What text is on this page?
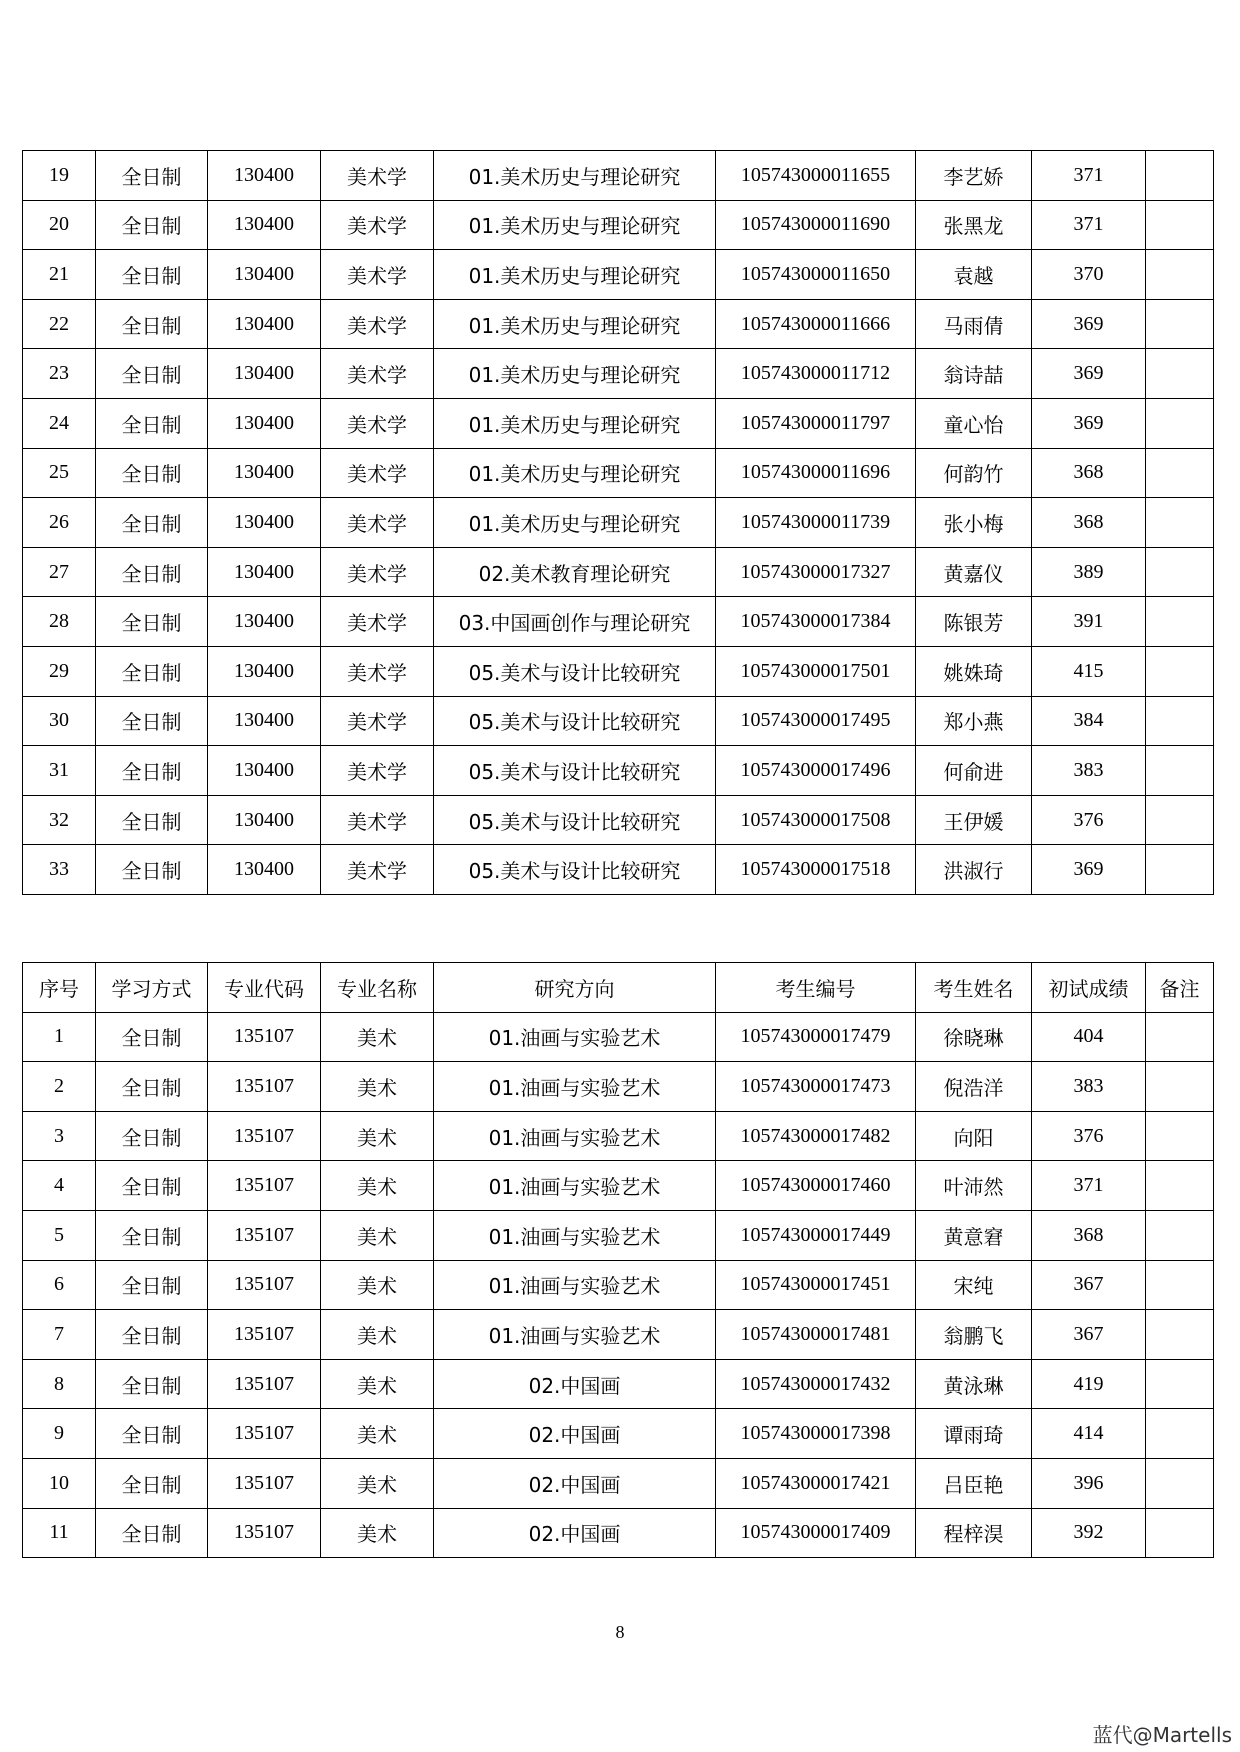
19	全日制	130400	美术学	01.美术历史与理论研究	105743000011655	李艺娇	371	
20	全日制	130400	美术学	01.美术历史与理论研究	105743000011690	张黑龙	371	
21	全日制	130400	美术学	01.美术历史与理论研究	105743000011650	袁越	370	
22	全日制	130400	美术学	01.美术历史与理论研究	105743000011666	马雨倩	369	
23	全日制	130400	美术学	01.美术历史与理论研究	105743000011712	翁诗喆	369	
24	全日制	130400	美术学	01.美术历史与理论研究	105743000011797	童心怡	369	
25	全日制	130400	美术学	01.美术历史与理论研究	105743000011696	何韵竹	368	
26	全日制	130400	美术学	01.美术历史与理论研究	105743000011739	张小梅	368	
27	全日制	130400	美术学	02.美术教育理论研究	105743000017327	黄嘉仪	389	
28	全日制	130400	美术学	03.中国画创作与理论研究	105743000017384	陈银芳	391	
29	全日制	130400	美术学	05.美术与设计比较研究	105743000017501	姚姝琦	415	
30	全日制	130400	美术学	05.美术与设计比较研究	105743000017495	郑小燕	384	
31	全日制	130400	美术学	05.美术与设计比较研究	105743000017496	何俞进	383	
32	全日制	130400	美术学	05.美术与设计比较研究	105743000017508	王伊媛	376	
33	全日制	130400	美术学	05.美术与设计比较研究	105743000017518	洪淑行	369	
序号	学习方式	专业代码	专业名称	研究方向	考生编号	考生姓名	初试成绩	备注
1	全日制	135107	美术	01.油画与实验艺术	105743000017479	徐晓琳	404	
2	全日制	135107	美术	01.油画与实验艺术	105743000017473	倪浩洋	383	
3	全日制	135107	美术	01.油画与实验艺术	105743000017482	向阳	376	
4	全日制	135107	美术	01.油画与实验艺术	105743000017460	叶沛然	371	
5	全日制	135107	美术	01.油画与实验艺术	105743000017449	黄意窘	368	
6	全日制	135107	美术	01.油画与实验艺术	105743000017451	宋纯	367	
7	全日制	135107	美术	01.油画与实验艺术	105743000017481	翁鹏飞	367	
8	全日制	135107	美术	02.中国画	105743000017432	黄泳琳	419	
9	全日制	135107	美术	02.中国画	105743000017398	谭雨琦	414	
10	全日制	135107	美术	02.中国画	105743000017421	吕臣艳	396	
11	全日制	135107	美术	02.中国画	105743000017409	程梓淏	392	
8
蓝代@Martells
